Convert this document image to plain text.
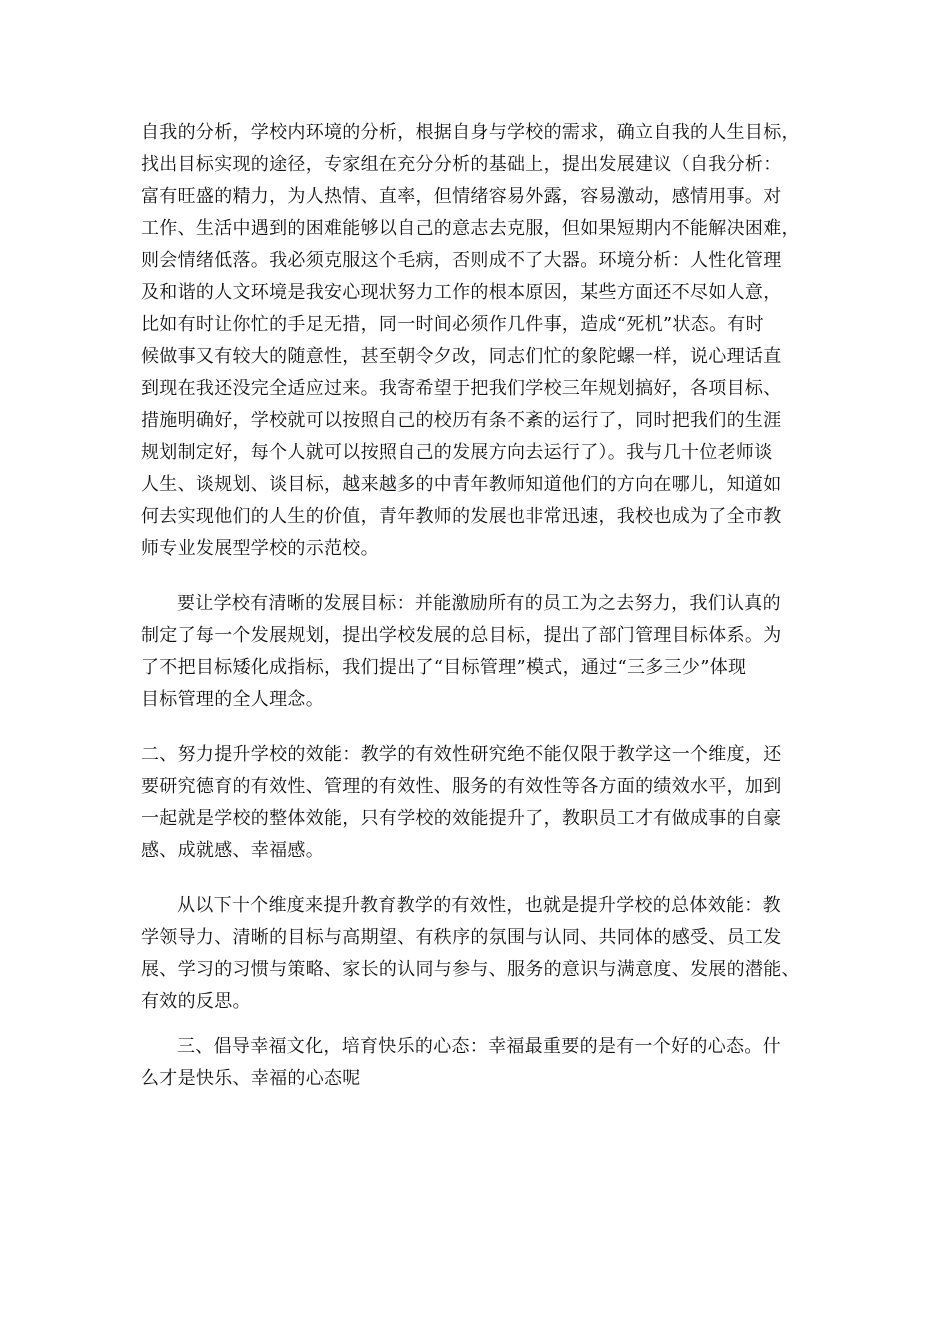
自我的分析，学校内环境的分析，根据自身与学校的需求，确立自我的人生目标，
找出目标实现的途径，专家组在充分分析的基础上，提出发展建议（自我分析：
富有旺盛的精力，为人热情、直率，但情绪容易外露，容易激动，感情用事。对
工作、生活中遇到的困难能够以自己的意志去克服，但如果短期内不能解决困难，
则会情绪低落。我必须克服这个毛病，否则成不了大器。环境分析：人性化管理
及和谐的人文环境是我安心现状努力工作的根本原因，某些方面还不尽如人意，
比如有时让你忙的手足无措，同一时间必须作几件事，造成“死机”状态。有时
候做事又有较大的随意性，甚至朝令夕改，同志们忙的象陀螺一样，说心理话直
到现在我还没完全适应过来。我寄希望于把我们学校三年规划搞好，各项目标、
措施明确好，学校就可以按照自己的校历有条不紊的运行了，同时把我们的生涯
规划制定好，每个人就可以按照自己的发展方向去运行了）。我与几十位老师谈
人生、谈规划、谈目标，越来越多的中青年教师知道他们的方向在哪儿，知道如
何去实现他们的人生的价值，青年教师的发展也非常迅速，我校也成为了全市教
师专业发展型学校的示范校。

要让学校有清晰的发展目标：并能激励所有的员工为之去努力，我们认真的
制定了每一个发展规划，提出学校发展的总目标，提出了部门管理目标体系。为
了不把目标矮化成指标，我们提出了“目标管理”模式，通过“三多三少”体现
目标管理的全人理念。

二、努力提升学校的效能：教学的有效性研究绝不能仅限于教学这一个维度，还
要研究德育的有效性、管理的有效性、服务的有效性等各方面的绩效水平，加到
一起就是学校的整体效能，只有学校的效能提升了，教职员工才有做成事的自豪
感、成就感、幸福感。

从以下十个维度来提升教育教学的有效性，也就是提升学校的总体效能：教
学领导力、清晰的目标与高期望、有秩序的氛围与认同、共同体的感受、员工发
展、学习的习惯与策略、家长的认同与参与、服务的意识与满意度、发展的潜能、
有效的反思。

三、倡导幸福文化，培育快乐的心态：幸福最重要的是有一个好的心态。什
么才是快乐、幸福的心态呢
